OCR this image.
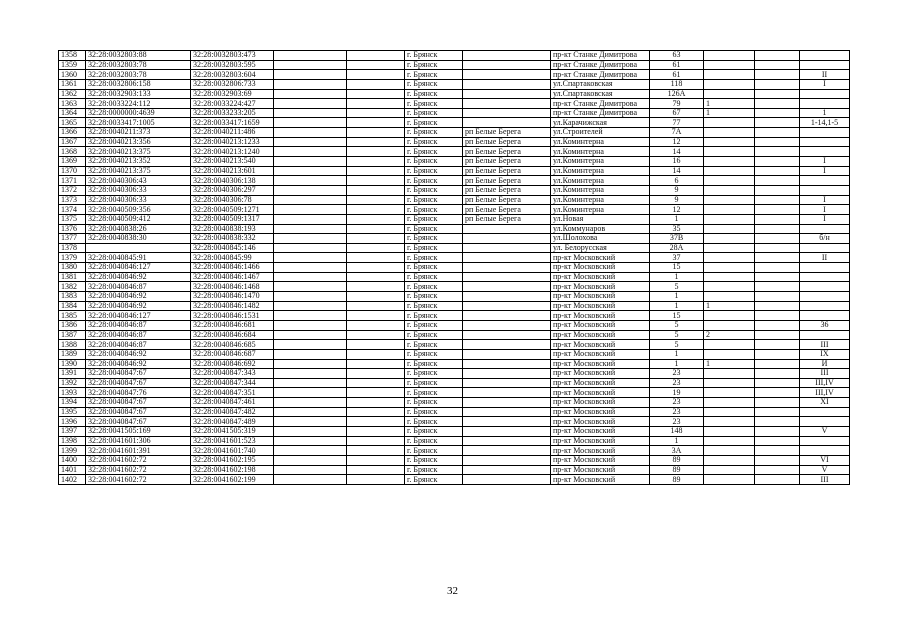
1358	32:28:0032803:88	32:28:0032803:473			г. Брянск		пр-кт Станке Димитрова	63			
1359	32:28:0032803:78	32:28:0032803:595			г. Брянск		пр-кт Станке Димитрова	61			
1360	32:28:0032803:78	32:28:0032803:604			г. Брянск		пр-кт Станке Димитрова	61			II
1361	32:28:0032806:158	32:28:0032806:733			г. Брянск		ул.Спартаковская	118			I
1362	32:28:0032903:133	32:28:0032903:69			г. Брянск		ул.Спартаковская	126А			
1363	32:28:0033224:112	32:28:0033224:427			г. Брянск		пр-кт Станке Димитрова	79	1		
1364	32:28:0000000:4639	32:28:0033233:205			г. Брянск		пр-кт Станке Димитрова	67	1		1
1365	32:28:0033417:1005	32:28:0033417:1659			г. Брянск		ул.Карачижская	77			1-14,1-5
1366	32:28:0040211:373	32:28:0040211:486			г. Брянск	рп Белые Берега	ул.Строителей	7А			
1367	32:28:0040213:356	32:28:0040213:1233			г. Брянск	рп Белые Берега	ул.Коминтерна	12			
1368	32:28:0040213:375	32:28:0040213:1240			г. Брянск	рп Белые Берега	ул.Коминтерна	14			
1369	32:28:0040213:352	32:28:0040213:540			г. Брянск	рп Белые Берега	ул.Коминтерна	16			I
1370	32:28:0040213:375	32:28:0040213:601			г. Брянск	рп Белые Берега	ул.Коминтерна	14			I
1371	32:28:0040306:43	32:28:0040306:138			г. Брянск	рп Белые Берега	ул.Коминтерна	6			
1372	32:28:0040306:33	32:28:0040306:297			г. Брянск	рп Белые Берега	ул.Коминтерна	9			
1373	32:28:0040306:33	32:28:0040306:78			г. Брянск	рп Белые Берега	ул.Коминтерна	9			I
1374	32:28:0040509:356	32:28:0040509:1271			г. Брянск	рп Белые Берега	ул.Коминтерна	12			I
1375	32:28:0040509:412	32:28:0040509:1317			г. Брянск	рп Белые Берега	ул.Новая	1			I
1376	32:28:0040838:26	32:28:0040838:193			г. Брянск		ул.Коммунаров	35			
1377	32:28:0040838:30	32:28:0040838:332			г. Брянск		ул.Шолохова	37В			б/н
1378		32:28:0040845:146			г. Брянск		ул. Белорусская	28А			
1379	32:28:0040845:91	32:28:0040845:99			г. Брянск		пр-кт Московский	37			II
1380	32:28:0040846:127	32:28:0040846:1466			г. Брянск		пр-кт Московский	15			
1381	32:28:0040846:92	32:28:0040846:1467			г. Брянск		пр-кт Московский	1			
1382	32:28:0040846:87	32:28:0040846:1468			г. Брянск		пр-кт Московский	5			
1383	32:28:0040846:92	32:28:0040846:1470			г. Брянск		пр-кт Московский	1			
1384	32:28:0040846:92	32:28:0040846:1482			г. Брянск		пр-кт Московский	1	1		
1385	32:28:0040846:127	32:28:0040846:1531			г. Брянск		пр-кт Московский	15			
1386	32:28:0040846:87	32:28:0040846:681			г. Брянск		пр-кт Московский	5			36
1387	32:28:0040846:87	32:28:0040846:684			г. Брянск		пр-кт Московский	5	2		
1388	32:28:0040846:87	32:28:0040846:685			г. Брянск		пр-кт Московский	5			III
1389	32:28:0040846:92	32:28:0040846:687			г. Брянск		пр-кт Московский	1			IX
1390	32:28:0040846:92	32:28:0040846:692			г. Брянск		пр-кт Московский	1	1		И
1391	32:28:0040847:67	32:28:0040847:343			г. Брянск		пр-кт Московский	23			III
1392	32:28:0040847:67	32:28:0040847:344			г. Брянск		пр-кт Московский	23			III,IV
1393	32:28:0040847:76	32:28:0040847:351			г. Брянск		пр-кт Московский	19			III,IV
1394	32:28:0040847:67	32:28:0040847:461			г. Брянск		пр-кт Московский	23			XI
1395	32:28:0040847:67	32:28:0040847:482			г. Брянск		пр-кт Московский	23			
1396	32:28:0040847:67	32:28:0040847:489			г. Брянск		пр-кт Московский	23			
1397	32:28:0041505:169	32:28:0041505:319			г. Брянск		пр-кт Московский	148			V
1398	32:28:0041601:306	32:28:0041601:523			г. Брянск		пр-кт Московский	1			
1399	32:28:0041601:391	32:28:0041601:740			г. Брянск		пр-кт Московский	3А			
1400	32:28:0041602:72	32:28:0041602:195			г. Брянск		пр-кт Московский	89			VI
1401	32:28:0041602:72	32:28:0041602:198			г. Брянск		пр-кт Московский	89			V
1402	32:28:0041602:72	32:28:0041602:199			г. Брянск		пр-кт Московский	89			III
32
